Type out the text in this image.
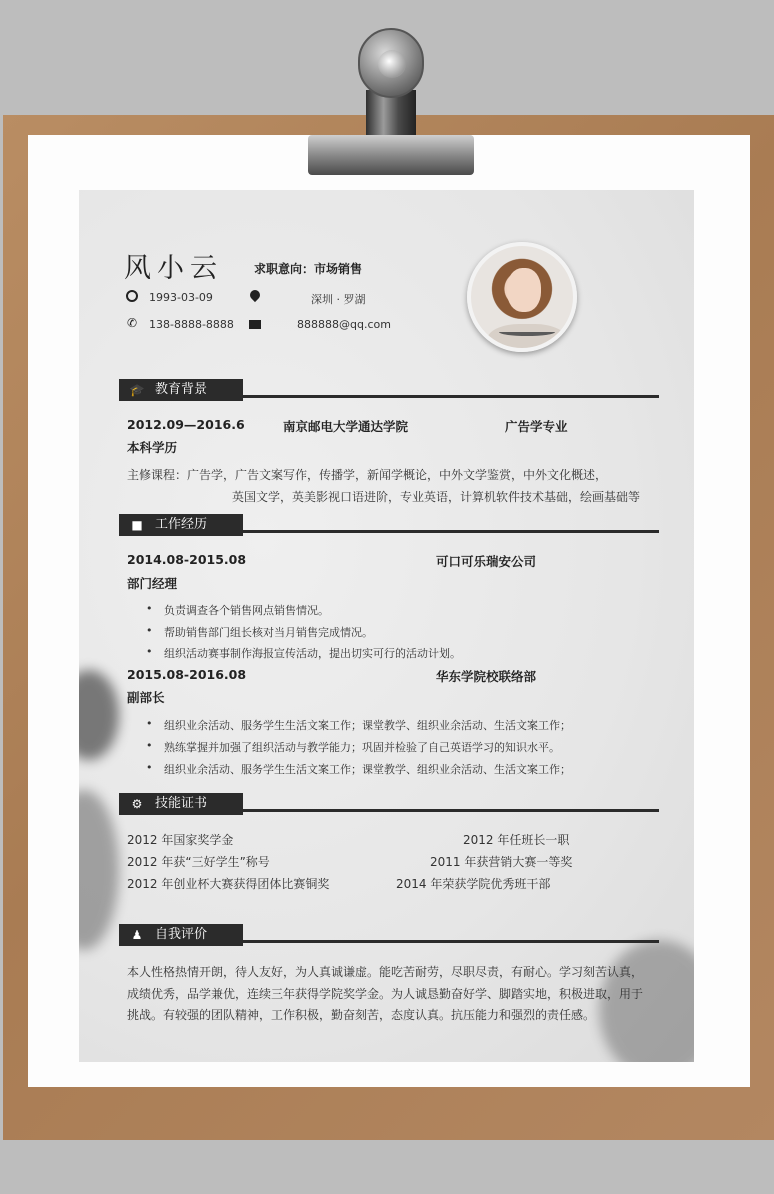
风小云	求职意向：市场销售
1993-03-09	深圳 · 罗湖
✆ 138-8888-8888	888888@qq.com
🎓 教育背景
2012.09—2016.6	南京邮电大学通达学院	广告学专业
本科学历
主修课程：广告学，广告文案写作，传播学，新闻学概论，中外文学鉴赏，中外文化概述，
英国文学，英美影视口语进阶，专业英语，计算机软件技术基础，绘画基础等
■ 工作经历
2014.08-2015.08	可口可乐瑞安公司
部门经理
• 负责调查各个销售网点销售情况。
• 帮助销售部门组长核对当月销售完成情况。
• 组织活动赛事制作海报宣传活动，提出切实可行的活动计划。
2015.08-2016.08	华东学院校联络部
副部长
• 组织业余活动、服务学生生活文案工作；课堂教学、组织业余活动、生活文案工作；
• 熟练掌握并加强了组织活动与教学能力；巩固并检验了自己英语学习的知识水平。
• 组织业余活动、服务学生生活文案工作；课堂教学、组织业余活动、生活文案工作；
⚙ 技能证书
2012 年国家奖学金	2012 年任班长一职
2012 年获“三好学生”称号	2011 年获营销大赛一等奖
2012 年创业杯大赛获得团体比赛铜奖	2014 年荣获学院优秀班干部
♟ 自我评价
本人性格热情开朗，待人友好，为人真诚谦虚。能吃苦耐劳，尽职尽责，有耐心。学习刻苦认真，
成绩优秀，品学兼优，连续三年获得学院奖学金。为人诚恳勤奋好学、脚踏实地，积极进取，用于
挑战。有较强的团队精神，工作积极，勤奋刻苦，态度认真。抗压能力和强烈的责任感。
